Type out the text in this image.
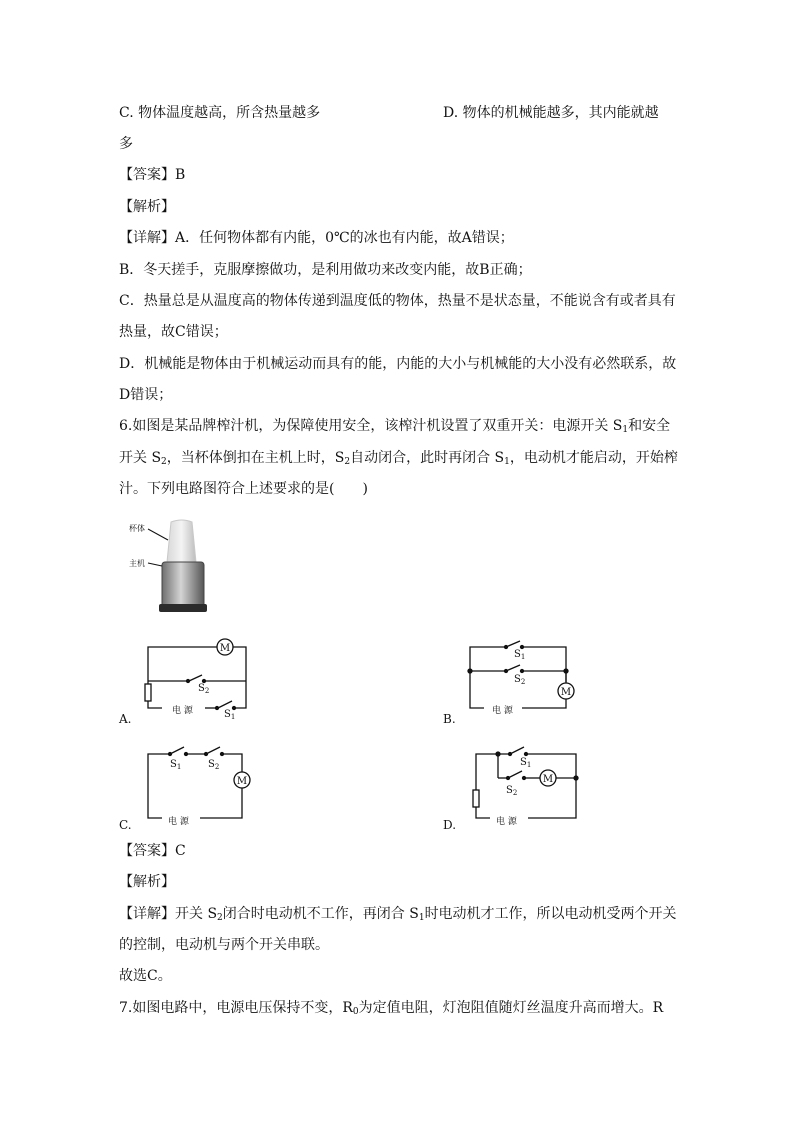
C. 物体温度越高，所含热量越多	D. 物体的机械能越多，其内能就越
多
【答案】B
【解析】
【详解】A．任何物体都有内能，0℃的冰也有内能，故A错误；
B．冬天搓手，克服摩擦做功，是利用做功来改变内能，故B正确；
C．热量总是从温度高的物体传递到温度低的物体，热量不是状态量，不能说含有或者具有
热量，故C错误；
D．机械能是物体由于机械运动而具有的能，内能的大小与机械能的大小没有必然联系，故
D错误；
6.如图是某品牌榨汁机，为保障使用安全，该榨汁机设置了双重开关：电源开关 $S_1$和安全
开关 $S_2$，当杯体倒扣在主机上时，$S_2$自动闭合，此时再闭合 $S_1$，电动机才能启动，开始榨
汁。下列电路图符合上述要求的是(　　)
杯体
主机
M
$S_2$
电 源	$S_1$
A.
$S_1$
$S_2$
M
电 源
B.
M
$S_1$	$S_2$
电 源
C.
$S_1$
M
$S_2$
电 源
D.
【答案】C
【解析】
【详解】开关 $S_2$闭合时电动机不工作，再闭合 $S_1$时电动机才工作，所以电动机受两个开关
的控制，电动机与两个开关串联。
故选C。
7.如图电路中，电源电压保持不变，$R_0$为定值电阻，灯泡阻值随灯丝温度升高而增大。R
